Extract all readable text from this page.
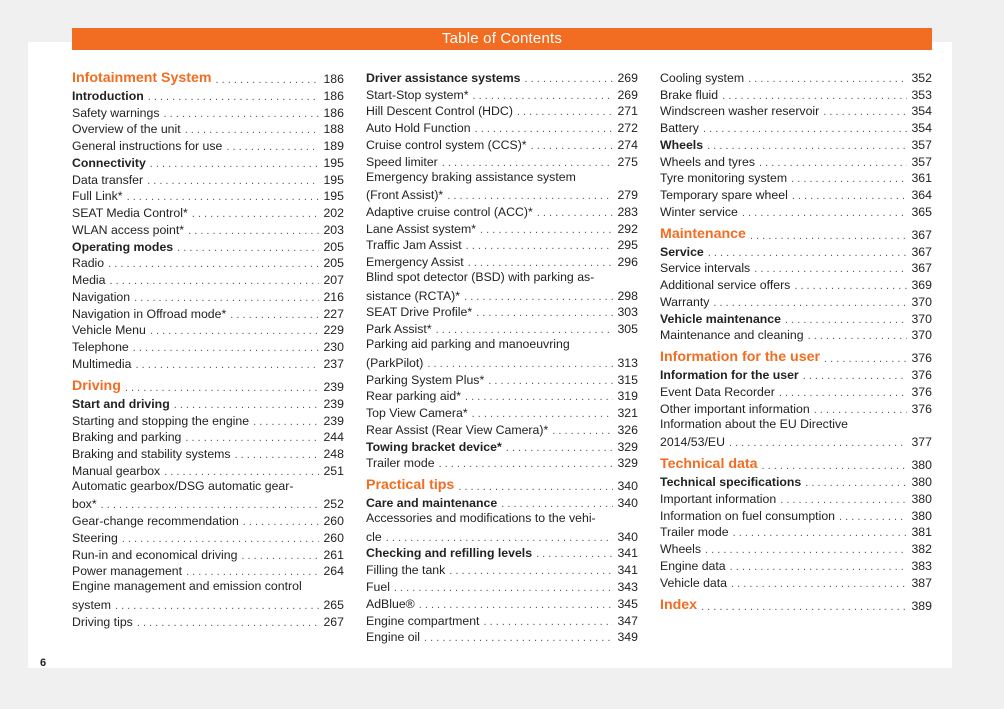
Table of Contents
Infotainment System . . .	186
Introduction . . .	186
Safety warnings . . .	186
Overview of the unit . . .	188
General instructions for use . . .	189
Connectivity . . .	195
Data transfer . . .	195
Full Link* . . .	195
SEAT Media Control* . . .	202
WLAN access point* . . .	203
Operating modes . . .	205
Radio . . .	205
Media . . .	207
Navigation . . .	216
Navigation in Offroad mode* . . .	227
Vehicle Menu . . .	229
Telephone . . .	230
Multimedia . . .	237
Driving . . .	239
Start and driving . . .	239
Starting and stopping the engine . . .	239
Braking and parking . . .	244
Braking and stability systems . . .	248
Manual gearbox . . .	251
Automatic gearbox/DSG automatic gear-
box* . . .	252
Gear-change recommendation . . .	260
Steering . . .	260
Run-in and economical driving . . .	261
Power management . . .	264
Engine management and emission control
system . . .	265
Driving tips . . .	267
Driver assistance systems . . .	269
Start-Stop system* . . .	269
Hill Descent Control (HDC) . . .	271
Auto Hold Function . . .	272
Cruise control system (CCS)* . . .	274
Speed limiter . . .	275
Emergency braking assistance system
(Front Assist)* . . .	279
Adaptive cruise control (ACC)* . . .	283
Lane Assist system* . . .	292
Traffic Jam Assist . . .	295
Emergency Assist . . .	296
Blind spot detector (BSD) with parking as-
sistance (RCTA)* . . .	298
SEAT Drive Profile* . . .	303
Park Assist* . . .	305
Parking aid parking and manoeuvring
(ParkPilot) . . .	313
Parking System Plus* . . .	315
Rear parking aid* . . .	319
Top View Camera* . . .	321
Rear Assist (Rear View Camera)* . . .	326
Towing bracket device* . . .	329
Trailer mode . . .	329
Practical tips . . .	340
Care and maintenance . . .	340
Accessories and modifications to the vehi-
cle . . .	340
Checking and refilling levels . . .	341
Filling the tank . . .	341
Fuel . . .	343
AdBlue® . . .	345
Engine compartment . . .	347
Engine oil . . .	349
Cooling system . . .	352
Brake fluid . . .	353
Windscreen washer reservoir . . .	354
Battery . . .	354
Wheels . . .	357
Wheels and tyres . . .	357
Tyre monitoring system . . .	361
Temporary spare wheel . . .	364
Winter service . . .	365
Maintenance . . .	367
Service . . .	367
Service intervals . . .	367
Additional service offers . . .	369
Warranty . . .	370
Vehicle maintenance . . .	370
Maintenance and cleaning . . .	370
Information for the user . . .	376
Information for the user . . .	376
Event Data Recorder . . .	376
Other important information . . .	376
Information about the EU Directive
2014/53/EU . . .	377
Technical data . . .	380
Technical specifications . . .	380
Important information . . .	380
Information on fuel consumption . . .	380
Trailer mode . . .	381
Wheels . . .	382
Engine data . . .	383
Vehicle data . . .	387
Index . . .	389
6
